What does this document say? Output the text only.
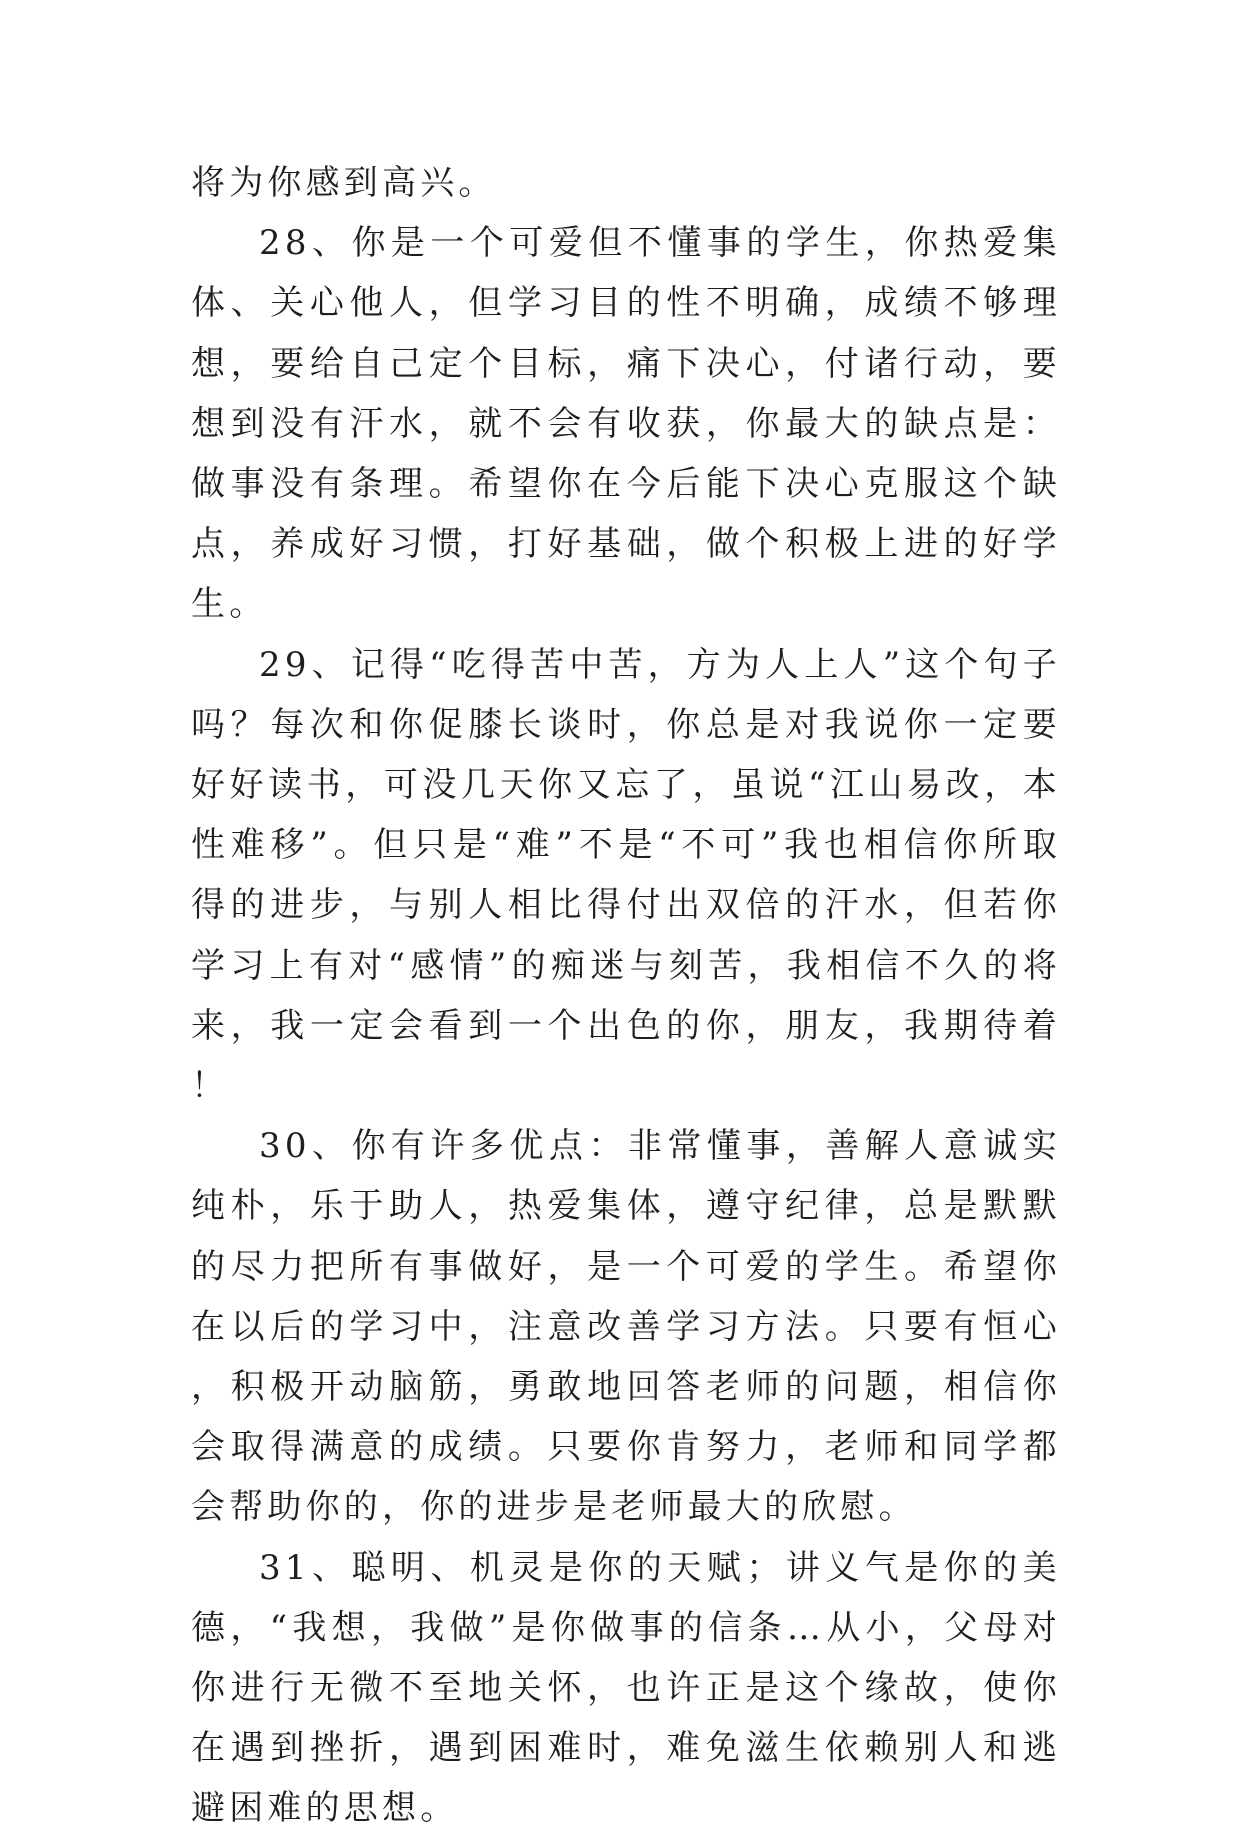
将为你感到高兴。

28、你是一个可爱但不懂事的学生，你热爱集体、关心他人，但学习目的性不明确，成绩不够理想，要给自己定个目标，痛下决心，付诸行动，要想到没有汗水，就不会有收获，你最大的缺点是：做事没有条理。希望你在今后能下决心克服这个缺点，养成好习惯，打好基础，做个积极上进的好学生。

29、记得“吃得苦中苦，方为人上人”这个句子吗？每次和你促膝长谈时，你总是对我说你一定要好好读书，可没几天你又忘了，虽说“江山易改，本性难移”。但只是“难”不是“不可”我也相信你所取得的进步，与别人相比得付出双倍的汗水，但若你学习上有对“感情”的痴迷与刻苦，我相信不久的将来，我一定会看到一个出色的你，朋友，我期待着！

30、你有许多优点：非常懂事，善解人意诚实纯朴，乐于助人，热爱集体，遵守纪律，总是默默的尽力把所有事做好，是一个可爱的学生。希望你在以后的学习中，注意改善学习方法。只要有恒心，积极开动脑筋，勇敢地回答老师的问题，相信你会取得满意的成绩。只要你肯努力，老师和同学都会帮助你的，你的进步是老师最大的欣慰。

31、聪明、机灵是你的天赋；讲义气是你的美德，“我想，我做”是你做事的信条…从小，父母对你进行无微不至地关怀，也许正是这个缘故，使你在遇到挫折，遇到困难时，难免滋生依赖别人和逃避困难的思想。
